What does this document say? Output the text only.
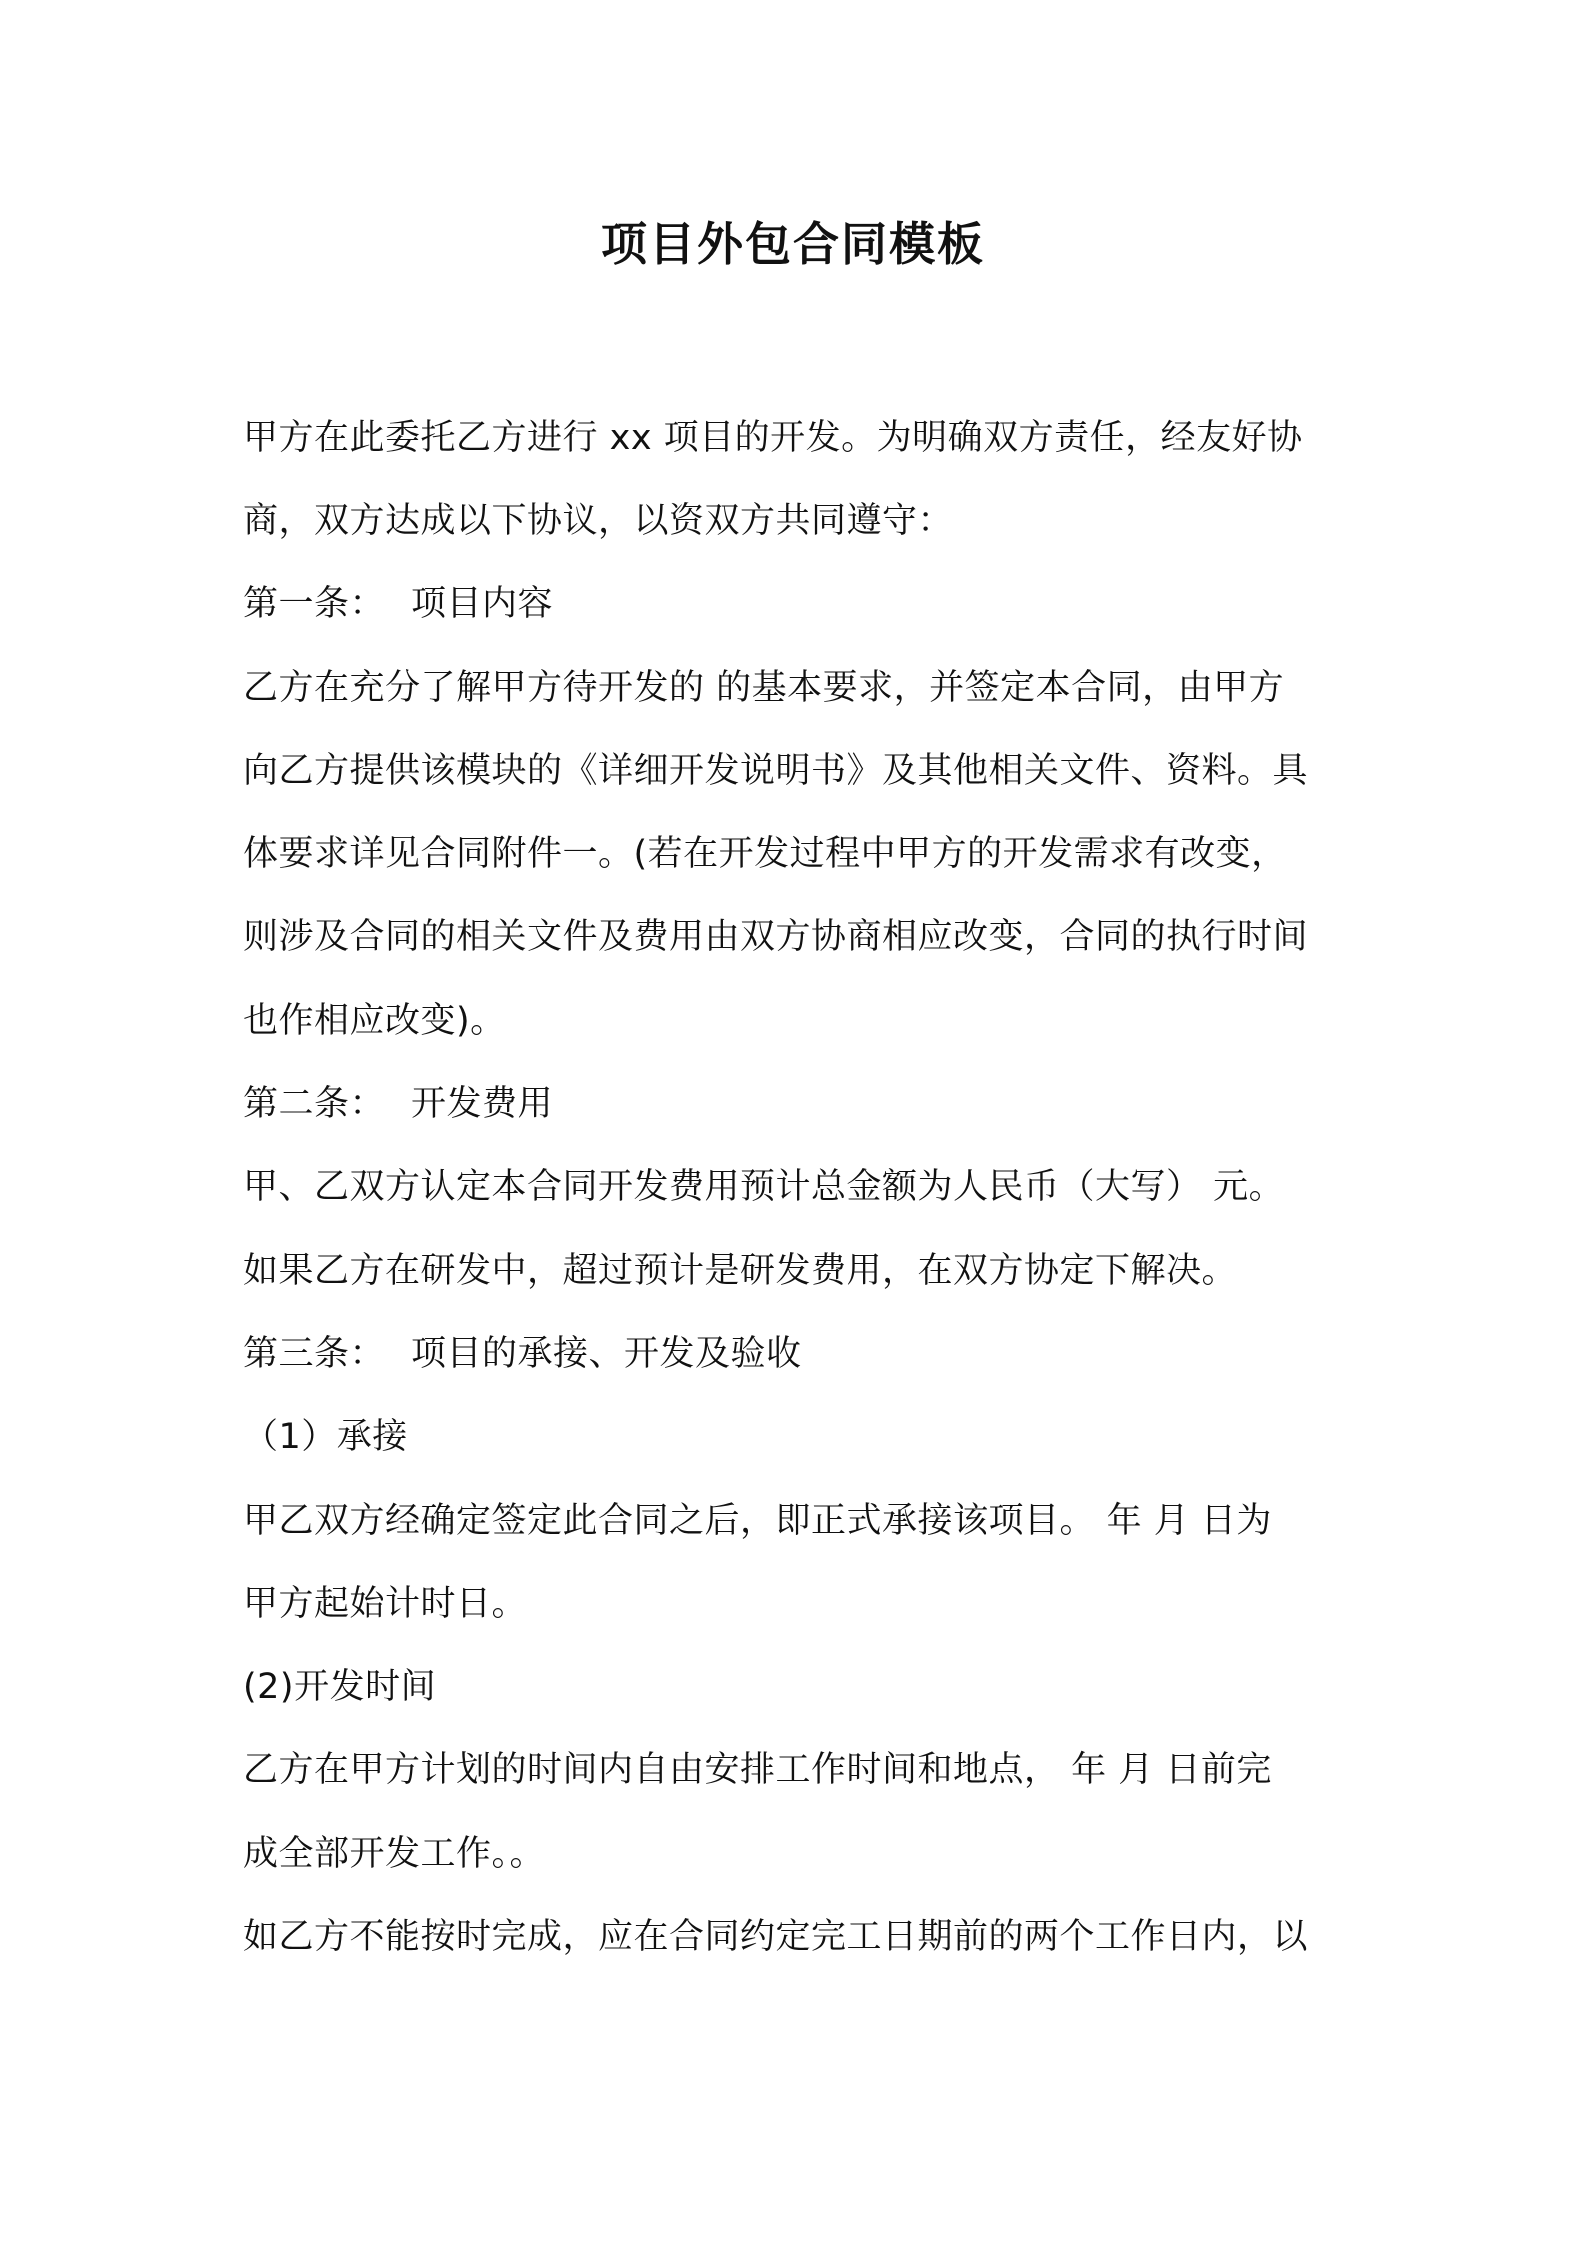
项目外包合同模板
甲方在此委托乙方进行 xx 项目的开发。为明确双方责任，经友好协
商，双方达成以下协议，以资双方共同遵守：
第一条： 项目内容
乙方在充分了解甲方待开发的 的基本要求，并签定本合同，由甲方
向乙方提供该模块的《详细开发说明书》及其他相关文件、资料。具
体要求详见合同附件一。(若在开发过程中甲方的开发需求有改变，
则涉及合同的相关文件及费用由双方协商相应改变，合同的执行时间
也作相应改变)。
第二条： 开发费用
甲、乙双方认定本合同开发费用预计总金额为人民币（大写） 元。
如果乙方在研发中，超过预计是研发费用，在双方协定下解决。
第三条： 项目的承接、开发及验收
（1）承接
甲乙双方经确定签定此合同之后，即正式承接该项目。 年 月 日为
甲方起始计时日。
(2)开发时间
乙方在甲方计划的时间内自由安排工作时间和地点， 年 月 日前完
成全部开发工作。。
如乙方不能按时完成，应在合同约定完工日期前的两个工作日内，以
